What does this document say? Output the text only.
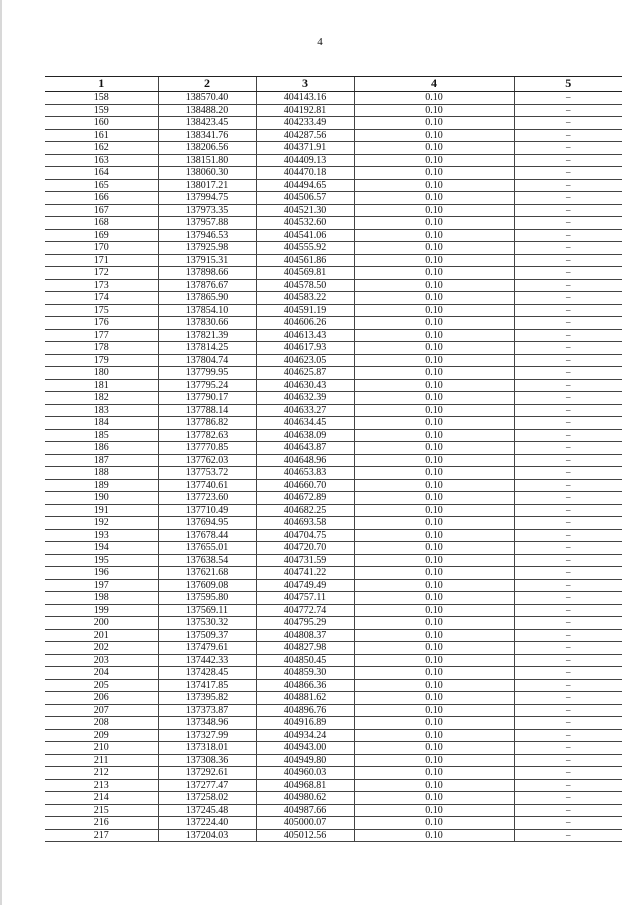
4
1	2	3	4	5
158	138570.40	404143.16	0.10	–
159	138488.20	404192.81	0.10	–
160	138423.45	404233.49	0.10	–
161	138341.76	404287.56	0.10	–
162	138206.56	404371.91	0.10	–
163	138151.80	404409.13	0.10	–
164	138060.30	404470.18	0.10	–
165	138017.21	404494.65	0.10	–
166	137994.75	404506.57	0.10	–
167	137973.35	404521.30	0.10	–
168	137957.88	404532.60	0.10	–
169	137946.53	404541.06	0.10	–
170	137925.98	404555.92	0.10	–
171	137915.31	404561.86	0.10	–
172	137898.66	404569.81	0.10	–
173	137876.67	404578.50	0.10	–
174	137865.90	404583.22	0.10	–
175	137854.10	404591.19	0.10	–
176	137830.66	404606.26	0.10	–
177	137821.39	404613.43	0.10	–
178	137814.25	404617.93	0.10	–
179	137804.74	404623.05	0.10	–
180	137799.95	404625.87	0.10	–
181	137795.24	404630.43	0.10	–
182	137790.17	404632.39	0.10	–
183	137788.14	404633.27	0.10	–
184	137786.82	404634.45	0.10	–
185	137782.63	404638.09	0.10	–
186	137770.85	404643.87	0.10	–
187	137762.03	404648.96	0.10	–
188	137753.72	404653.83	0.10	–
189	137740.61	404660.70	0.10	–
190	137723.60	404672.89	0.10	–
191	137710.49	404682.25	0.10	–
192	137694.95	404693.58	0.10	–
193	137678.44	404704.75	0.10	–
194	137655.01	404720.70	0.10	–
195	137638.54	404731.59	0.10	–
196	137621.68	404741.22	0.10	–
197	137609.08	404749.49	0.10	–
198	137595.80	404757.11	0.10	–
199	137569.11	404772.74	0.10	–
200	137530.32	404795.29	0.10	–
201	137509.37	404808.37	0.10	–
202	137479.61	404827.98	0.10	–
203	137442.33	404850.45	0.10	–
204	137428.45	404859.30	0.10	–
205	137417.85	404866.36	0.10	–
206	137395.82	404881.62	0.10	–
207	137373.87	404896.76	0.10	–
208	137348.96	404916.89	0.10	–
209	137327.99	404934.24	0.10	–
210	137318.01	404943.00	0.10	–
211	137308.36	404949.80	0.10	–
212	137292.61	404960.03	0.10	–
213	137277.47	404968.81	0.10	–
214	137258.02	404980.62	0.10	–
215	137245.48	404987.66	0.10	–
216	137224.40	405000.07	0.10	–
217	137204.03	405012.56	0.10	–
